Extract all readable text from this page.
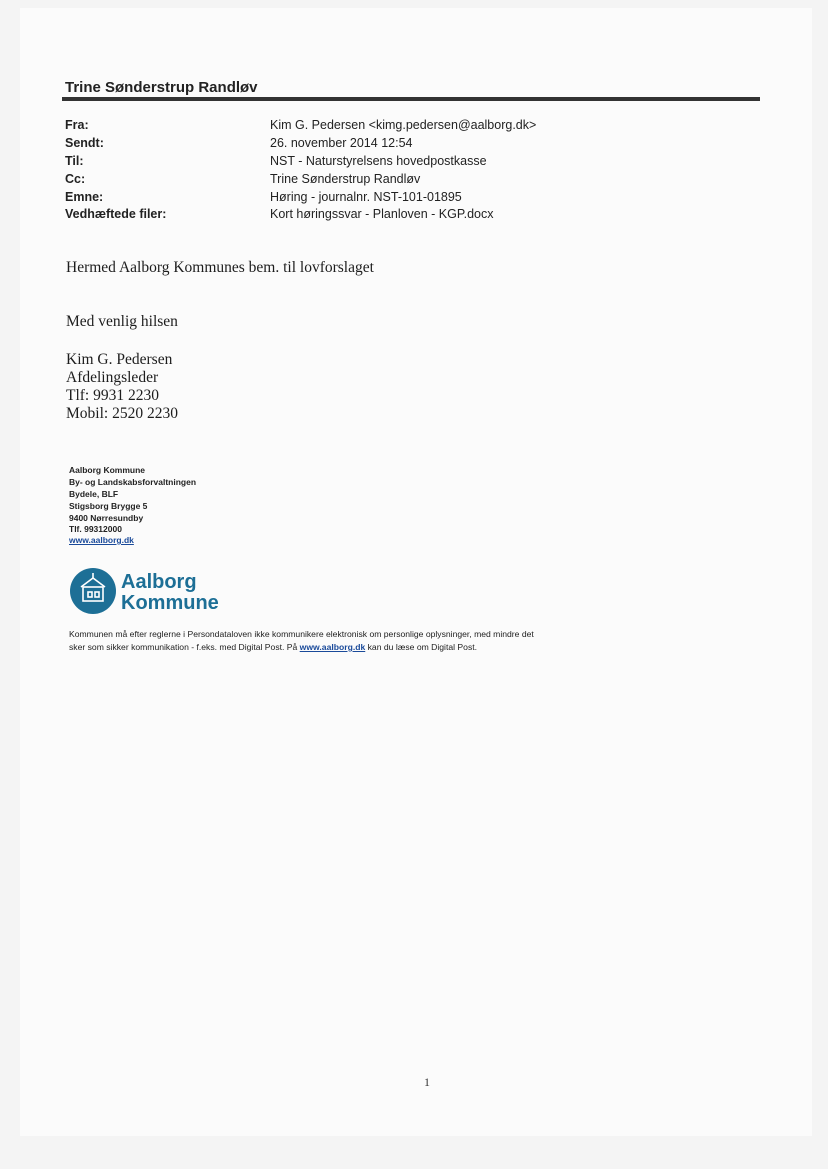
Trine Sønderstrup Randløv
Fra:	Kim G. Pedersen <kimg.pedersen@aalborg.dk>
Sendt:	26. november 2014 12:54
Til:	NST - Naturstyrelsens hovedpostkasse
Cc:	Trine Sønderstrup Randløv
Emne:	Høring - journalnr. NST-101-01895
Vedhæftede filer:	Kort høringssvar - Planloven - KGP.docx
Hermed Aalborg Kommunes bem. til lovforslaget
Med venlig hilsen
Kim G. Pedersen
Afdelingsleder
Tlf: 9931 2230
Mobil: 2520 2230
Aalborg Kommune
By- og Landskabsforvaltningen
Bydele, BLF
Stigsborg Brygge 5
9400 Nørresundby
Tlf. 99312000
www.aalborg.dk
Aalborg
Kommune
Kommunen må efter reglerne i Persondataloven ikke kommunikere elektronisk om personlige oplysninger, med mindre det
sker som sikker kommunikation - f.eks. med Digital Post. På www.aalborg.dk kan du læse om Digital Post.
1
